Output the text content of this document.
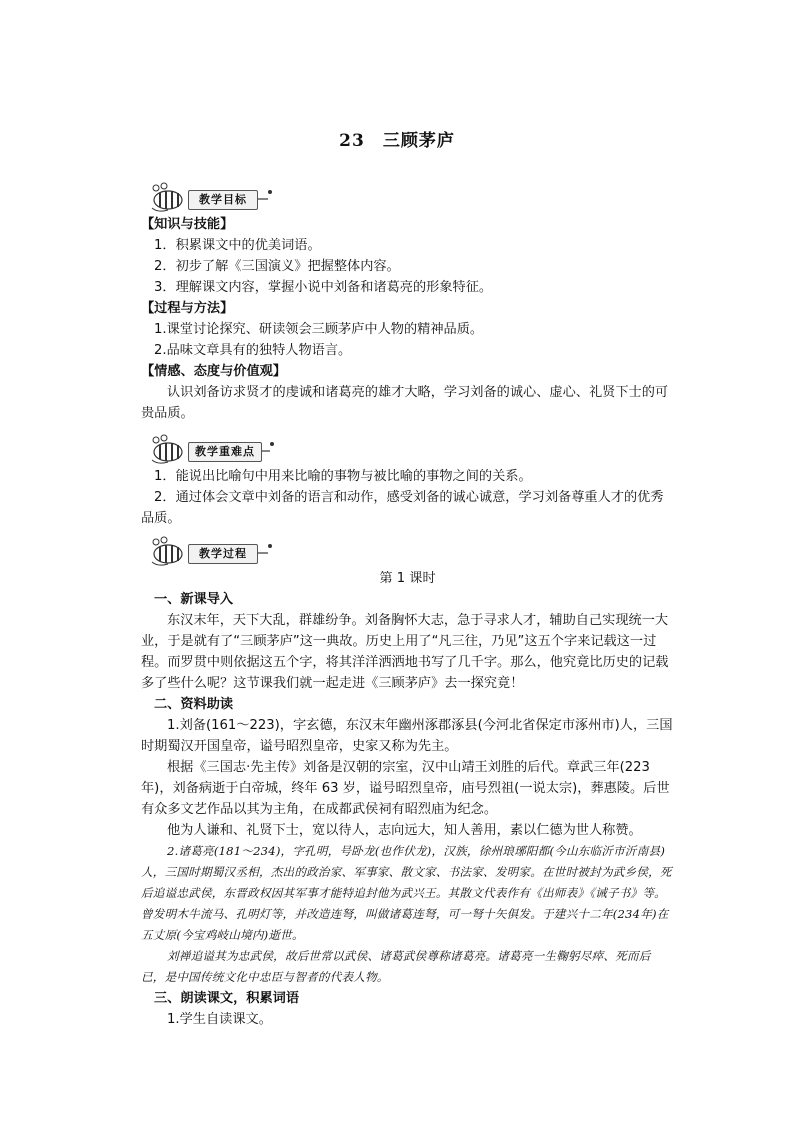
23　三顾茅庐
教学目标

【知识与技能】

1．积累课文中的优美词语。

2．初步了解《三国演义》把握整体内容。

3．理解课文内容，掌握小说中刘备和诸葛亮的形象特征。

【过程与方法】

1.课堂讨论探究、研读领会三顾茅庐中人物的精神品质。

2.品味文章具有的独特人物语言。

【情感、态度与价值观】

认识刘备访求贤才的虔诚和诸葛亮的雄才大略，学习刘备的诚心、虚心、礼贤下士的可贵品质。

教学重难点

1．能说出比喻句中用来比喻的事物与被比喻的事物之间的关系。

2．通过体会文章中刘备的语言和动作，感受刘备的诚心诚意，学习刘备尊重人才的优秀品质。

教学过程

第 1 课时

一、新课导入

东汉末年，天下大乱，群雄纷争。刘备胸怀大志，急于寻求人才，辅助自己实现统一大业，于是就有了“三顾茅庐”这一典故。历史上用了“凡三往，乃见”这五个字来记载这一过程。而罗贯中则依据这五个字，将其洋洋洒洒地书写了几千字。那么，他究竟比历史的记载多了些什么呢？这节课我们就一起走进《三顾茅庐》去一探究竟！

二、资料助读

1.刘备(161～223)，字玄德，东汉末年幽州涿郡涿县(今河北省保定市涿州市)人，三国时期蜀汉开国皇帝，谥号昭烈皇帝，史家又称为先主。

根据《三国志·先主传》刘备是汉朝的宗室，汉中山靖王刘胜的后代。章武三年(223年)，刘备病逝于白帝城，终年 63 岁，谥号昭烈皇帝，庙号烈祖(一说太宗)，葬惠陵。后世有众多文艺作品以其为主角，在成都武侯祠有昭烈庙为纪念。

他为人谦和、礼贤下士，宽以待人，志向远大，知人善用，素以仁德为世人称赞。

2.诸葛亮(181～234)，字孔明，号卧龙(也作伏龙)，汉族，徐州琅琊阳都(今山东临沂市沂南县)人，三国时期蜀汉丞相，杰出的政治家、军事家、散文家、书法家、发明家。在世时被封为武乡侯，死后追谥忠武侯，东晋政权因其军事才能特追封他为武兴王。其散文代表作有《出师表》《诫子书》等。曾发明木牛流马、孔明灯等，并改造连弩，叫做诸葛连弩，可一弩十矢俱发。于建兴十二年(234年)在五丈原(今宝鸡岐山境内)逝世。

刘禅追谥其为忠武侯，故后世常以武侯、诸葛武侯尊称诸葛亮。诸葛亮一生鞠躬尽瘁、死而后已，是中国传统文化中忠臣与智者的代表人物。

三、朗读课文，积累词语

1.学生自读课文。
